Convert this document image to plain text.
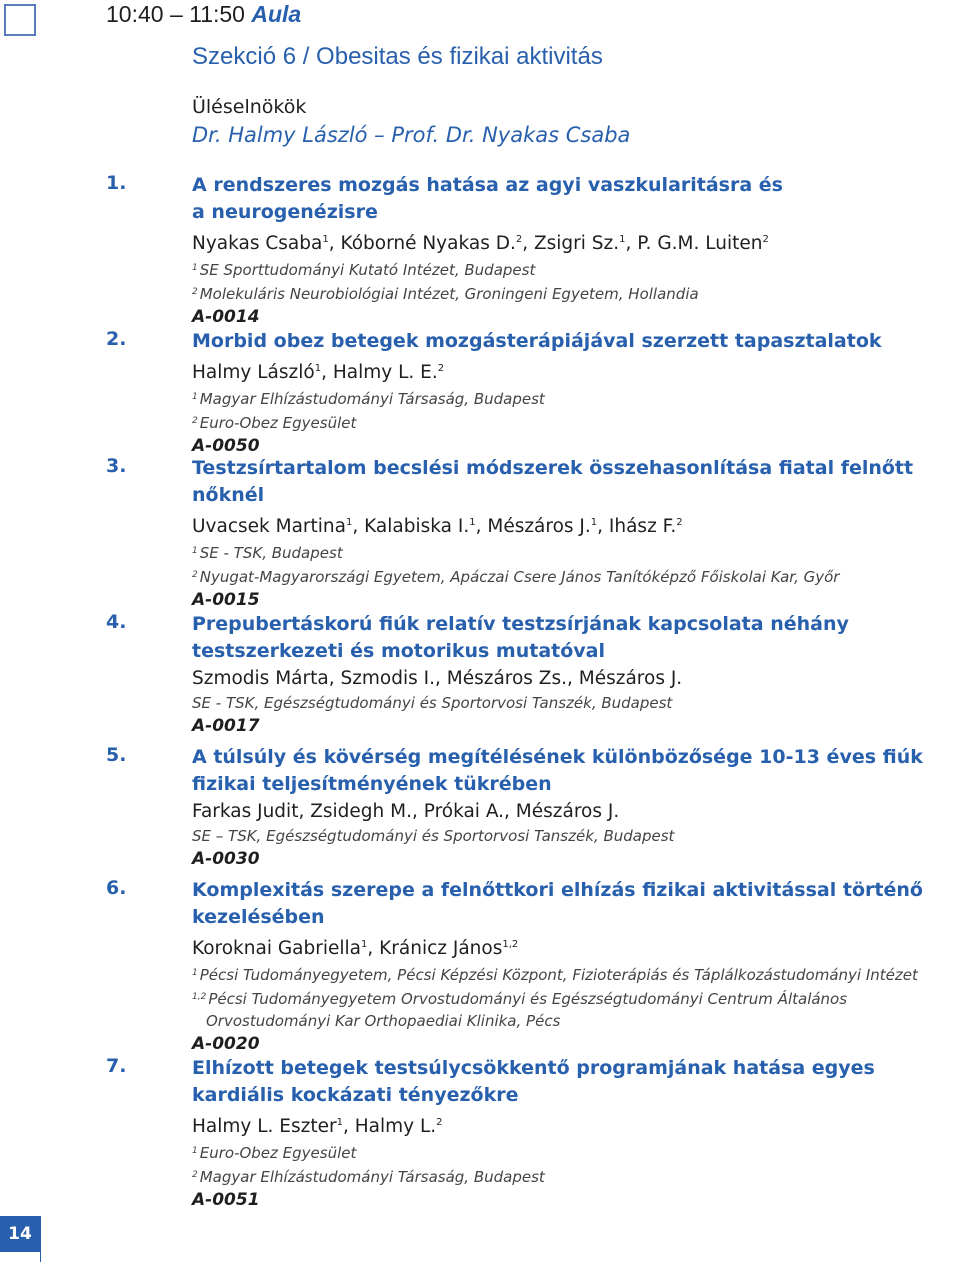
10:40 – 11:50 Aula
Szekció 6 / Obesitas és fizikai aktivitás
Üléselnökök
Dr. Halmy László – Prof. Dr. Nyakas Csaba
1.	A rendszeres mozgás hatása az agyi vaszkularitásra és
a neurogenézisre
Nyakas Csaba$^1$, Kóborné Nyakas D.$^2$, Zsigri Sz.$^1$, P. G.M. Luiten$^2$
$^1$ SE Sporttudományi Kutató Intézet, Budapest
$^2$ Molekuláris Neurobiológiai Intézet, Groningeni Egyetem, Hollandia
A-0014
2.	Morbid obez betegek mozgásterápiájával szerzett tapasztalatok
Halmy László$^1$, Halmy L. E.$^2$
$^1$ Magyar Elhízástudományi Társaság, Budapest
$^2$ Euro-Obez Egyesület
A-0050
3.	Testzsírtartalom becslési módszerek összehasonlítása fiatal felnőtt
nőknél
Uvacsek Martina$^1$, Kalabiska I.$^1$, Mészáros J.$^1$, Ihász F.$^2$
$^1$ SE - TSK, Budapest
$^2$ Nyugat-Magyarországi Egyetem, Apáczai Csere János Tanítóképző Főiskolai Kar, Győr
A-0015
4.	Prepubertáskorú fiúk relatív testzsírjának kapcsolata néhány
testszerkezeti és motorikus mutatóval
Szmodis Márta, Szmodis I., Mészáros Zs., Mészáros J.
SE - TSK, Egészségtudományi és Sportorvosi Tanszék, Budapest
A-0017
5.	A túlsúly és kövérség megítélésének különbözősége 10-13 éves fiúk
fizikai teljesítményének tükrében
Farkas Judit, Zsidegh M., Prókai A., Mészáros J.
SE – TSK, Egészségtudományi és Sportorvosi Tanszék, Budapest
A-0030
6.	Komplexitás szerepe a felnőttkori elhízás fizikai aktivitással történő
kezelésében
Koroknai Gabriella$^1$, Kránicz János$^{1,2}$
$^1$ Pécsi Tudományegyetem, Pécsi Képzési Központ, Fizioterápiás és Táplálkozástudományi Intézet
$^{1,2}$ Pécsi Tudományegyetem Orvostudományi és Egészségtudományi Centrum Általános
Orvostudományi Kar Orthopaediai Klinika, Pécs
A-0020
7.	Elhízott betegek testsúlycsökkentő programjának hatása egyes
kardiális kockázati tényezőkre
Halmy L. Eszter$^1$, Halmy L.$^2$
$^1$ Euro-Obez Egyesület
$^2$ Magyar Elhízástudományi Társaság, Budapest
A-0051
14
